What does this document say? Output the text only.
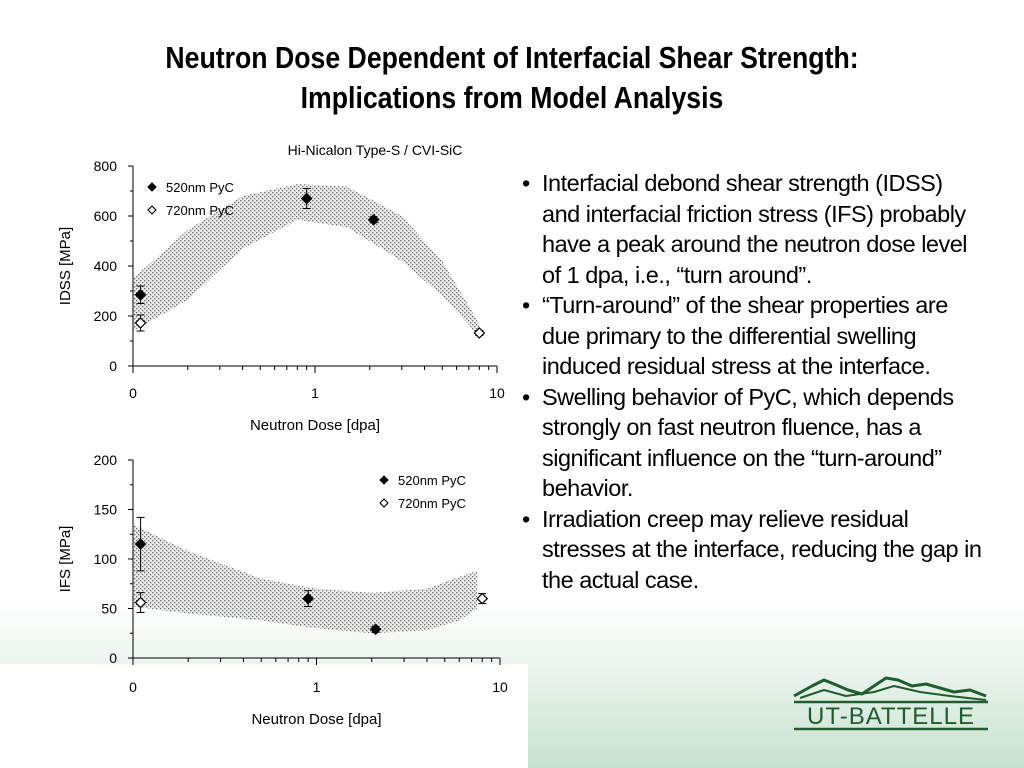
Neutron Dose Dependent of Interfacial Shear Strength:
Implications from Model Analysis
Hi-Nicalon Type-S / CVI-SiC
0
200
400
600
800
0	1	10
Neutron Dose [dpa]
IDSS [MPa]
520nm PyC
720nm PyC
0
50
100
150
200
0	1	10
Neutron Dose [dpa]
IFS [MPa]
520nm PyC
720nm PyC
• Interfacial debond shear strength (IDSS) and interfacial friction stress (IFS) probably have a peak around the neutron dose level of 1 dpa, i.e., “turn around”.
• “Turn-around” of the shear properties are due primary to the differential swelling induced residual stress at the interface.
• Swelling behavior of PyC, which depends strongly on fast neutron fluence, has a significant influence on the “turn-around” behavior.
• Irradiation creep may relieve residual stresses at the interface, reducing the gap in the actual case.
UT-BATTELLE
